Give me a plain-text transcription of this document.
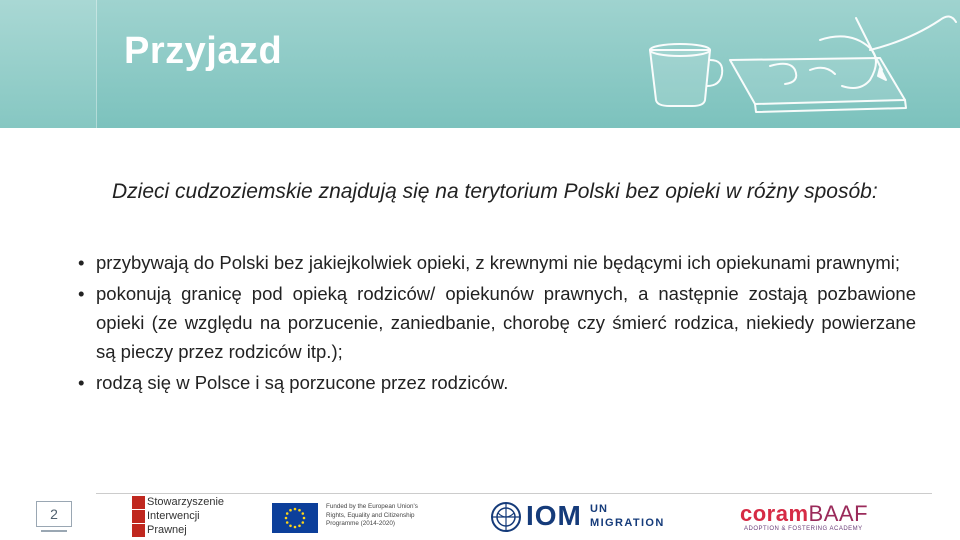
Przyjazd

Dzieci cudzoziemskie znajdują się na terytorium Polski bez opieki w różny sposób:

• przybywają do Polski bez jakiejkolwiek opieki, z krewnymi nie będącymi ich opiekunami prawnymi;
• pokonują granicę pod opieką rodziców/ opiekunów prawnych, a następnie zostają pozbawione opieki (ze względu na porzucenie, zaniedbanie, chorobę czy śmierć rodzica, niekiedy powierzane są pieczy przez rodziców itp.);
• rodzą się w Polsce i są porzucone przez rodziców.
2
Stowarzyszenie
Interwencji
Prawnej

Funded by the European Union's Rights, Equality and Citizenship Programme (2014-2020)	IOM UN
MIGRATION	coramBAAF
ADOPTION & FOSTERING ACADEMY
